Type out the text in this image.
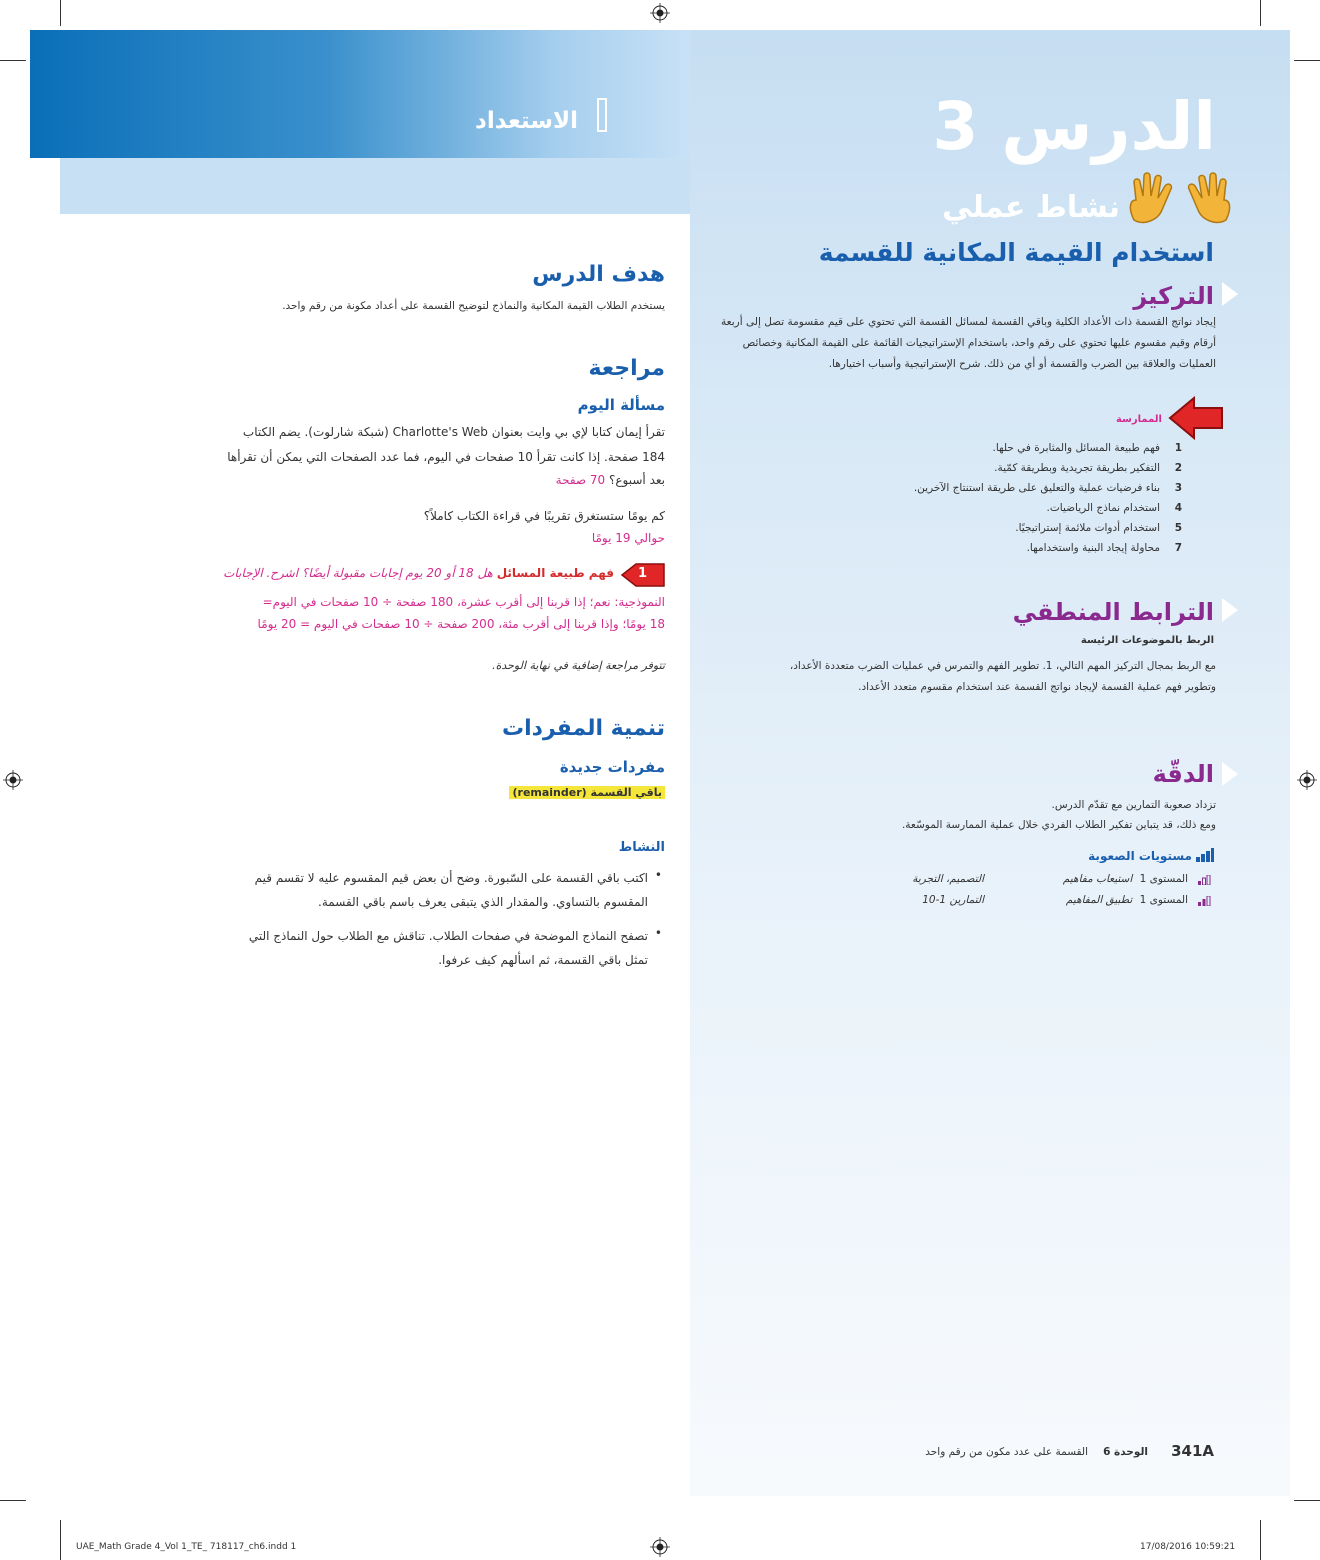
الاستعداد	الدرس 3
نشاط عملي
استخدام القيمة المكانية للقسمة
التركيز
إيجاد نواتج القسمة ذات الأعداد الكلية وباقي القسمة لمسائل القسمة التي تحتوي على قيم مقسومة تصل إلى أربعة أرقام وقيم مقسوم عليها تحتوي على رقم واحد، باستخدام الإستراتيجيات القائمة على القيمة المكانية وخصائص العمليات والعلاقة بين الضرب والقسمة أو أي من ذلك. شرح الإستراتيجية وأسباب اختيارها.
الممارسة
1فهم طبيعة المسائل والمثابرة في حلها.
2التفكير بطريقة تجريدية وبطريقة كمّية.
3بناء فرضيات عملية والتعليق على طريقة استنتاج الآخرين.
4استخدام نماذج الرياضيات.
5استخدام أدوات ملائمة إستراتيجيًا.
7محاولة إيجاد البنية واستخدامها.
الترابط المنطقي
الربط بالموضوعات الرئيسة
مع الربط بمجال التركيز المهم التالي، 1. تطوير الفهم والتمرس في عمليات الضرب متعددة الأعداد،
وتطوير فهم عملية القسمة لإيجاد نواتج القسمة عند استخدام مقسوم متعدد الأعداد.
الدقّة
تزداد صعوبة التمارين مع تقدّم الدرس.
ومع ذلك، قد يتباين تفكير الطلاب الفردي خلال عملية الممارسة الموسّعة.
مستويات الصعوبة
المستوى 1 استيعاب مفاهيم
التصميم، التجربة
المستوى 1 تطبيق المفاهيم
التمارين 1-10
هدف الدرس
يستخدم الطلاب القيمة المكانية والنماذج لتوضيح القسمة على أعداد مكونة من رقم واحد.
مراجعة
مسألة اليوم
تقرأ إيمان كتابا لإي بي وايت بعنوان Charlotte's Web (شبكة شارلوت). يضم الكتاب
184 صفحة. إذا كانت تقرأ 10 صفحات في اليوم، فما عدد الصفحات التي يمكن أن تقرأها
بعد أسبوع؟ 70 صفحة
كم يومًا ستستغرق تقريبًا في قراءة الكتاب كاملاً؟
حوالي 19 يومًا
1
فهم طبيعة المسائل هل 18 أو 20 يوم إجابات مقبولة أيضًا؟ اشرح. الإجابات
النموذجية: نعم؛ إذا قربنا إلى أقرب عشرة، 180 صفحة ÷ 10 صفحات في اليوم=
18 يومًا؛ وإذا قربنا إلى أقرب مئة، 200 صفحة ÷ 10 صفحات في اليوم = 20 يومًا
تتوفر مراجعة إضافية في نهاية الوحدة.
تنمية المفردات
مفردات جديدة
باقي القسمة (remainder)
النشاط
•
اكتب باقي القسمة على السّبورة. وضح أن بعض قيم المقسوم عليه لا تقسم قيم
المقسوم بالتساوي. والمقدار الذي يتبقى يعرف باسم باقي القسمة.
•
تصفح النماذج الموضحة في صفحات الطلاب. تناقش مع الطلاب حول النماذج التي
تمثل باقي القسمة، ثم اسألهم كيف عرفوا.
341A
الوحدة 6
القسمة على عدد مكون من رقم واحد
UAE_Math Grade 4_Vol 1_TE_ 718117_ch6.indd 1	17/08/2016 10:59:21
